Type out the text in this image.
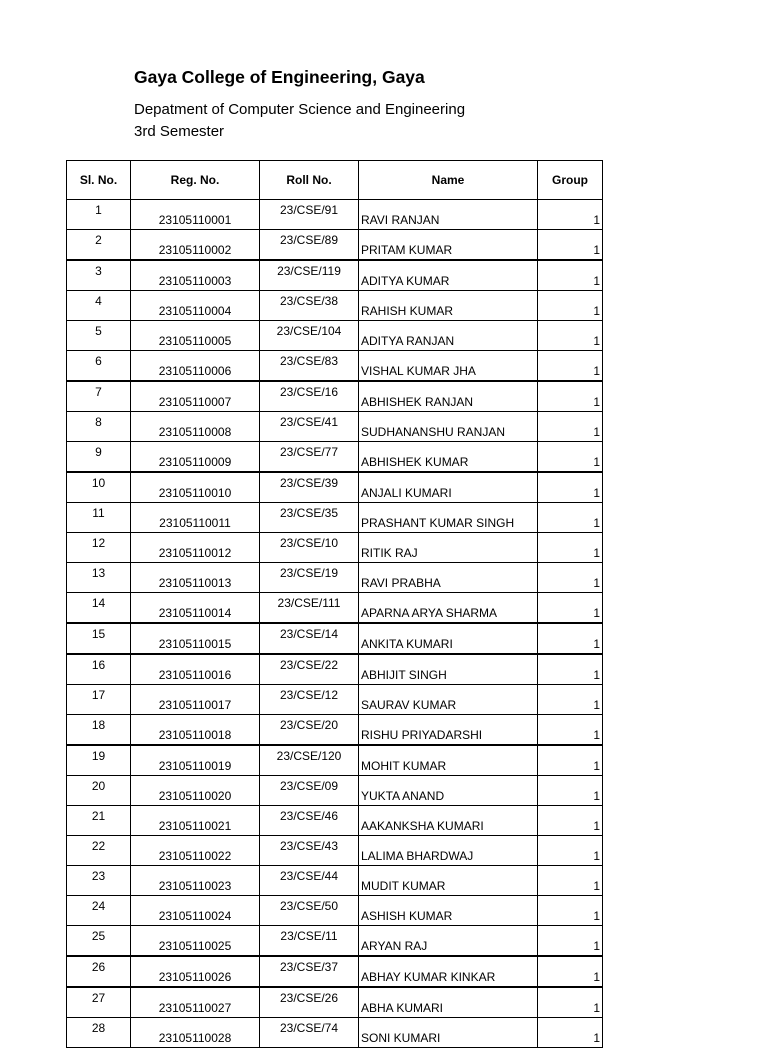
Gaya College of Engineering, Gaya
Depatment of Computer Science and Engineering
3rd Semester
Sl. No.	Reg. No.	Roll No.	Name	Group
1	23105110001	23/CSE/91	RAVI RANJAN	1
2	23105110002	23/CSE/89	PRITAM KUMAR	1
3	23105110003	23/CSE/119	ADITYA KUMAR	1
4	23105110004	23/CSE/38	RAHISH KUMAR	1
5	23105110005	23/CSE/104	ADITYA RANJAN	1
6	23105110006	23/CSE/83	VISHAL KUMAR JHA	1
7	23105110007	23/CSE/16	ABHISHEK RANJAN	1
8	23105110008	23/CSE/41	SUDHANANSHU RANJAN	1
9	23105110009	23/CSE/77	ABHISHEK KUMAR	1
10	23105110010	23/CSE/39	ANJALI KUMARI	1
11	23105110011	23/CSE/35	PRASHANT KUMAR SINGH	1
12	23105110012	23/CSE/10	RITIK RAJ	1
13	23105110013	23/CSE/19	RAVI PRABHA	1
14	23105110014	23/CSE/111	APARNA ARYA SHARMA	1
15	23105110015	23/CSE/14	ANKITA KUMARI	1
16	23105110016	23/CSE/22	ABHIJIT SINGH	1
17	23105110017	23/CSE/12	SAURAV KUMAR	1
18	23105110018	23/CSE/20	RISHU PRIYADARSHI	1
19	23105110019	23/CSE/120	MOHIT KUMAR	1
20	23105110020	23/CSE/09	YUKTA ANAND	1
21	23105110021	23/CSE/46	AAKANKSHA KUMARI	1
22	23105110022	23/CSE/43	LALIMA BHARDWAJ	1
23	23105110023	23/CSE/44	MUDIT KUMAR	1
24	23105110024	23/CSE/50	ASHISH KUMAR	1
25	23105110025	23/CSE/11	ARYAN RAJ	1
26	23105110026	23/CSE/37	ABHAY KUMAR KINKAR	1
27	23105110027	23/CSE/26	ABHA KUMARI	1
28	23105110028	23/CSE/74	SONI KUMARI	1
